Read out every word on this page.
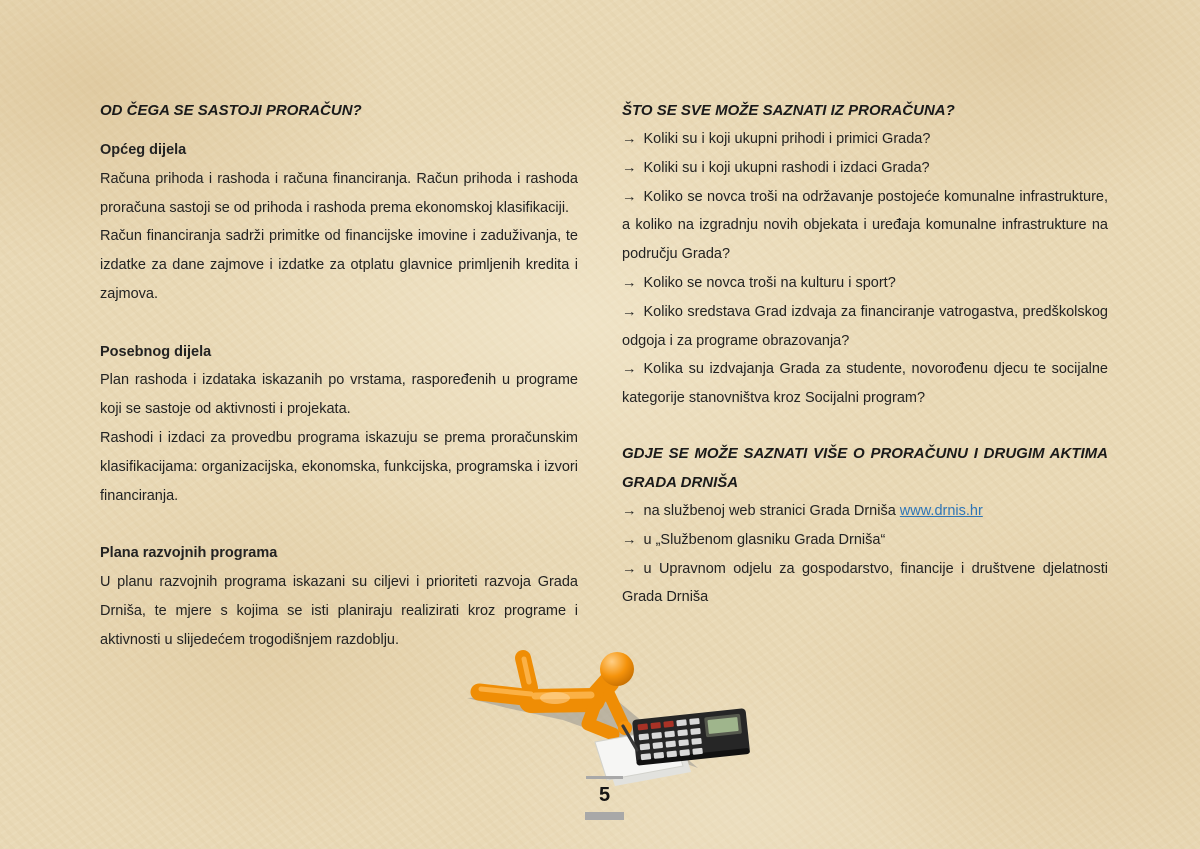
OD ČEGA SE SASTOJI PRORAČUN?

Općeg dijela

Računa prihoda i rashoda i računa financiranja. Račun prihoda i rashoda proračuna sastoji se od prihoda i rashoda prema ekonomskoj klasifikaciji.

Račun financiranja sadrži primitke od financijske imovine i zaduživanja, te izdatke za dane zajmove i izdatke za otplatu glavnice primljenih kredita i zajmova.

Posebnog dijela

Plan rashoda i izdataka iskazanih po vrstama, raspoređenih u programe koji se sastoje od aktivnosti i projekata.

Rashodi i izdaci za provedbu programa iskazuju se prema proračunskim klasifikacijama: organizacijska, ekonomska, funkcijska, programska i izvori financiranja.

Plana razvojnih programa

U planu razvojnih programa iskazani su ciljevi i prioriteti razvoja Grada Drniša, te mjere s kojima se isti planiraju realizirati kroz programe i aktivnosti u slijedećem trogodišnjem razdoblju.

ŠTO SE SVE MOŽE SAZNATI IZ PRORAČUNA?

→ Koliki su i koji ukupni prihodi i primici Grada?

→ Koliki su i koji ukupni rashodi i izdaci Grada?

→ Koliko se novca troši na održavanje postojeće komunalne infrastrukture, a koliko na izgradnju novih objekata i uređaja komunalne infrastrukture na području Grada?

→ Koliko se novca troši na kulturu i sport?

→ Koliko sredstava Grad izdvaja za financiranje vatrogastva, predškolskog odgoja i za programe obrazovanja?

→ Kolika su izdvajanja Grada za studente, novorođenu djecu te socijalne kategorije stanovništva kroz Socijalni program?

GDJE SE MOŽE SAZNATI VIŠE O PRORAČUNU I DRUGIM AKTIMA GRADA DRNIŠA

→ na službenoj web stranici Grada Drniša www.drnis.hr

→ u „Službenom glasniku Grada Drniša“

→ u Upravnom odjelu za gospodarstvo, financije i društvene djelatnosti Grada Drniša

5
